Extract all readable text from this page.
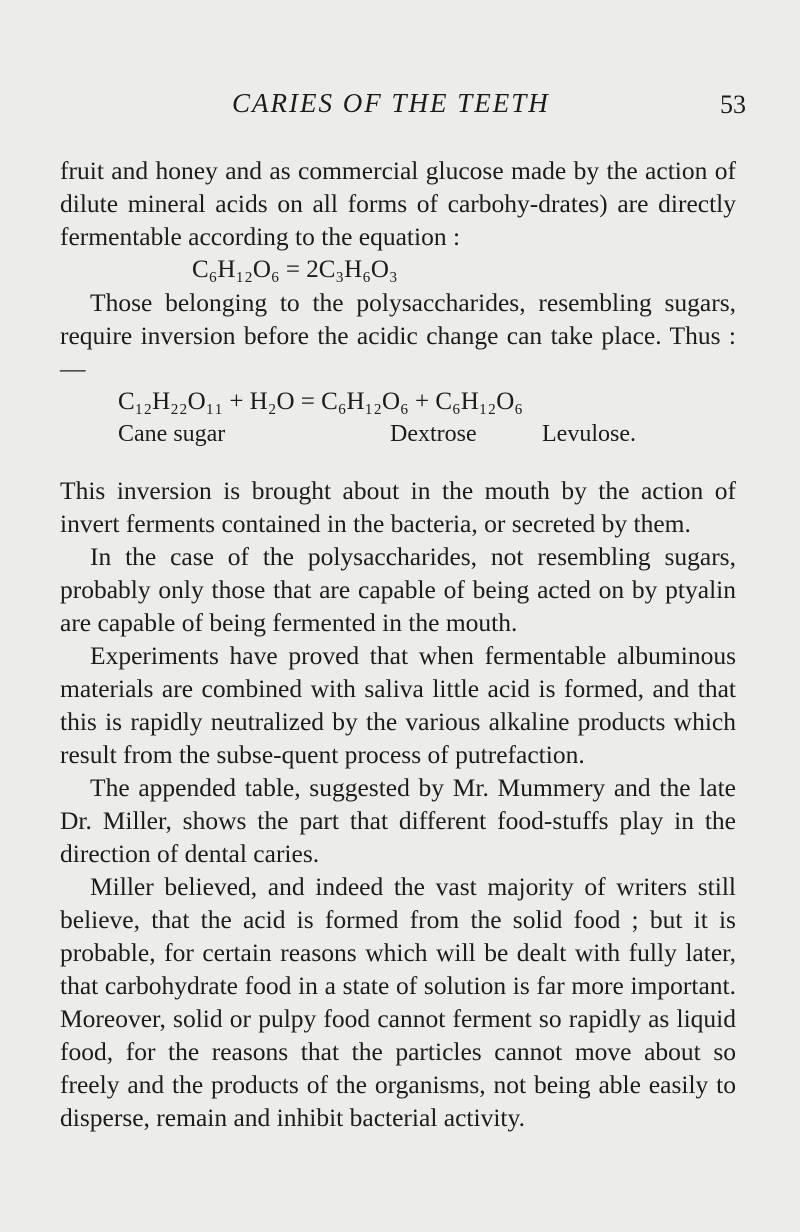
CARIES OF THE TEETH	53

fruit and honey and as commercial glucose made by the action of dilute mineral acids on all forms of carbohy-drates) are directly fermentable according to the equation :

C₆H₁₂O₆ = 2C₃H₆O₃

Those belonging to the polysaccharides, resembling sugars, require inversion before the acidic change can take place. Thus :—

C₁₂H₂₂O₁₁ + H₂O = C₆H₁₂O₆ + C₆H₁₂O₆

Cane sugar	Dextrose	Levulose.

This inversion is brought about in the mouth by the action of invert ferments contained in the bacteria, or secreted by them.

In the case of the polysaccharides, not resembling sugars, probably only those that are capable of being acted on by ptyalin are capable of being fermented in the mouth.

Experiments have proved that when fermentable albuminous materials are combined with saliva little acid is formed, and that this is rapidly neutralized by the various alkaline products which result from the subse-quent process of putrefaction.

The appended table, suggested by Mr. Mummery and the late Dr. Miller, shows the part that different food-stuffs play in the direction of dental caries.

Miller believed, and indeed the vast majority of writers still believe, that the acid is formed from the solid food ; but it is probable, for certain reasons which will be dealt with fully later, that carbohydrate food in a state of solution is far more important. Moreover, solid or pulpy food cannot ferment so rapidly as liquid food, for the reasons that the particles cannot move about so freely and the products of the organisms, not being able easily to disperse, remain and inhibit bacterial activity.
